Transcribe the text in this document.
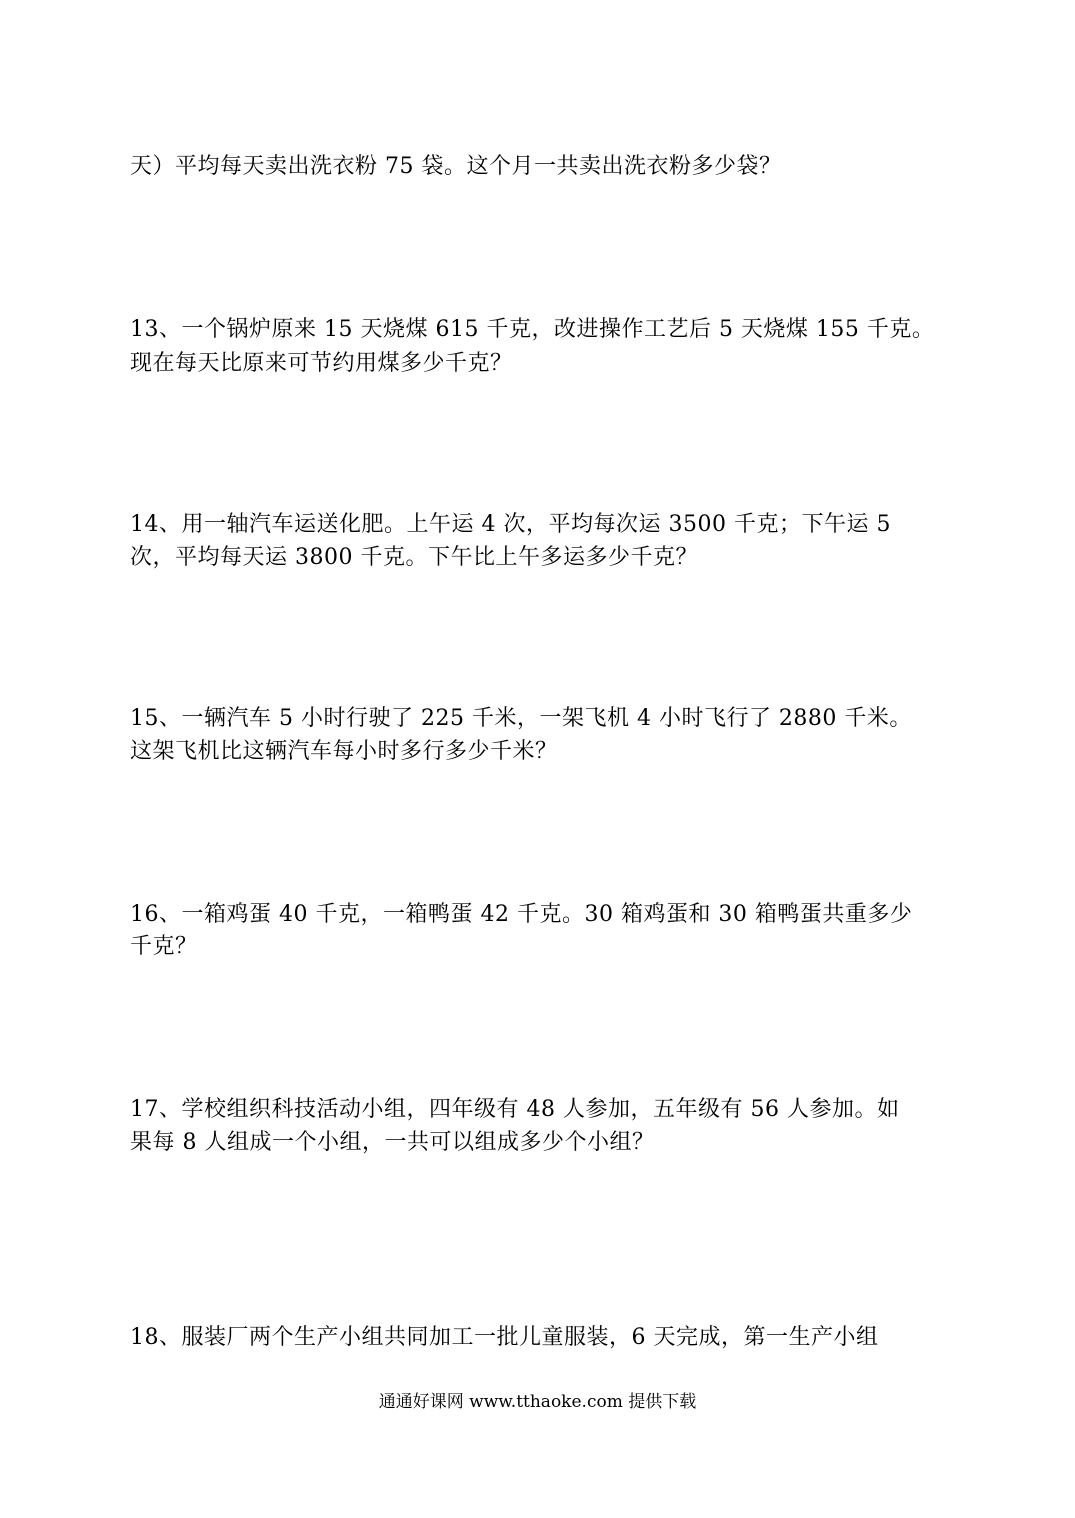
天）平均每天卖出洗衣粉 75 袋。这个月一共卖出洗衣粉多少袋？
13、一个锅炉原来 15 天烧煤 615 千克，改进操作工艺后 5 天烧煤 155 千克。
现在每天比原来可节约用煤多少千克？
14、用一轴汽车运送化肥。上午运 4 次，平均每次运 3500 千克；下午运 5
次，平均每天运 3800 千克。下午比上午多运多少千克？
15、一辆汽车 5 小时行驶了 225 千米，一架飞机 4 小时飞行了 2880 千米。
这架飞机比这辆汽车每小时多行多少千米？
16、一箱鸡蛋 40 千克，一箱鸭蛋 42 千克。30 箱鸡蛋和 30 箱鸭蛋共重多少
千克？
17、学校组织科技活动小组，四年级有 48 人参加，五年级有 56 人参加。如
果每 8 人组成一个小组，一共可以组成多少个小组？
18、服装厂两个生产小组共同加工一批儿童服装，6 天完成，第一生产小组
通通好课网 www.tthaoke.com 提供下载
